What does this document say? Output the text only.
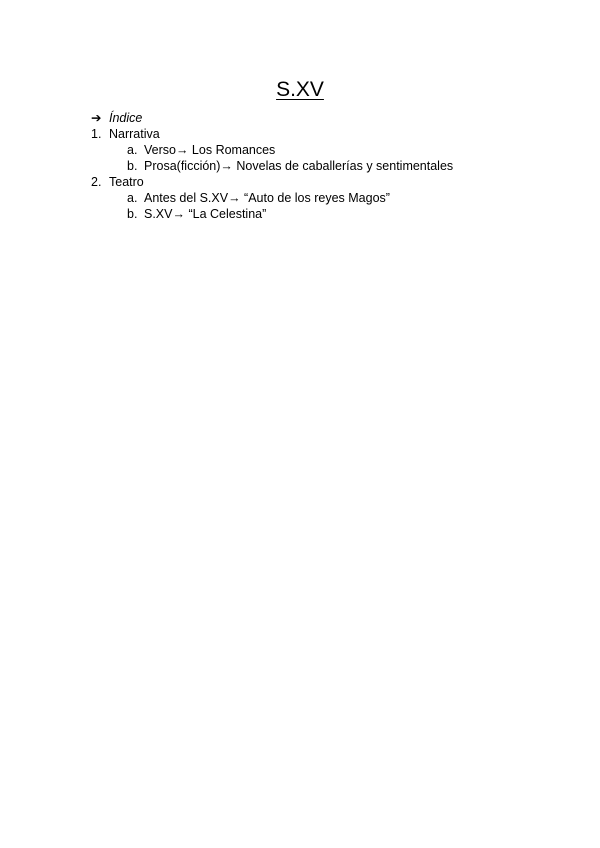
S.XV
➔ Índice
1. Narrativa
a. Verso→ Los Romances
b. Prosa(ficción)→ Novelas de caballerías y sentimentales
2. Teatro
a. Antes del S.XV→ “Auto de los reyes Magos”
b. S.XV→ “La Celestina”
